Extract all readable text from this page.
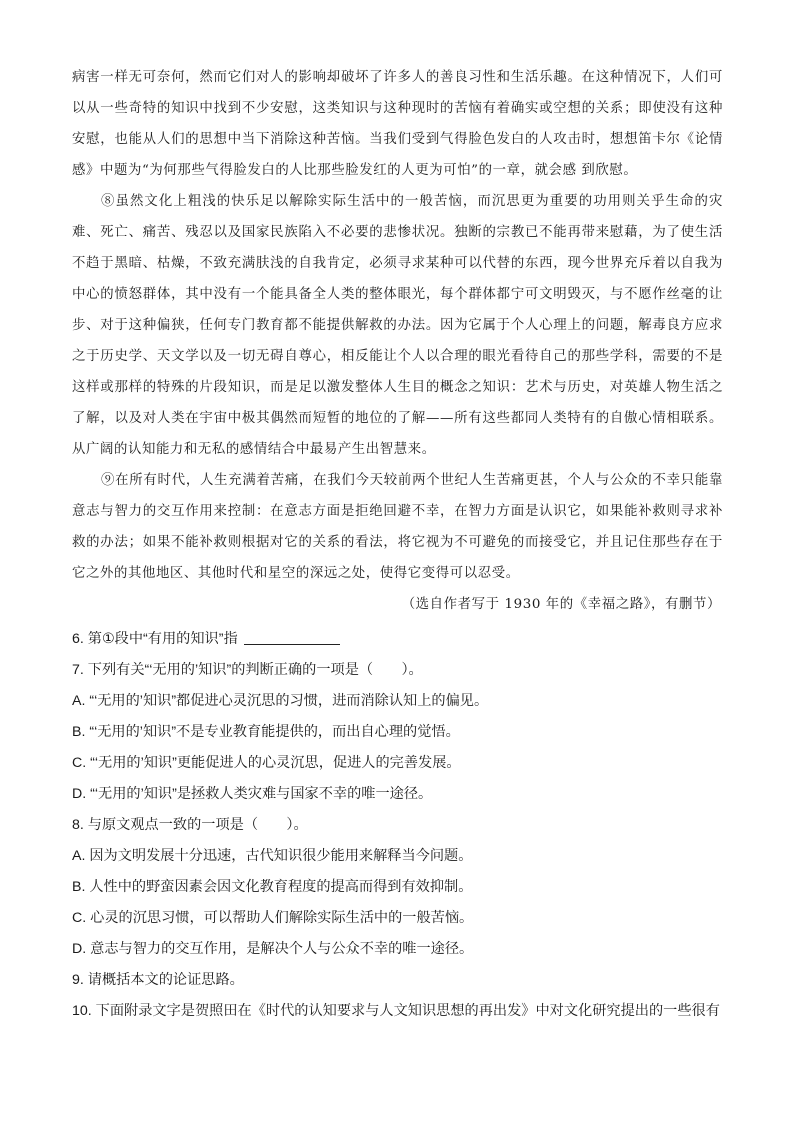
病害一样无可奈何，然而它们对人的影响却破坏了许多人的善良习性和生活乐趣。在这种情况下，人们可以从一些奇特的知识中找到不少安慰，这类知识与这种现时的苦恼有着确实或空想的关系；即使没有这种安慰，也能从人们的思想中当下消除这种苦恼。当我们受到气得脸色发白的人攻击时，想想笛卡尔《论情感》中题为“为何那些气得脸发白的人比那些脸发红的人更为可怕”的一章，就会感 到欣慰。

⑧虽然文化上粗浅的快乐足以解除实际生活中的一般苦恼，而沉思更为重要的功用则关乎生命的灾难、死亡、痛苦、残忍以及国家民族陷入不必要的悲惨状况。独断的宗教已不能再带来慰藉，为了使生活不趋于黑暗、枯燥，不致充满肤浅的自我肯定，必须寻求某种可以代替的东西，现今世界充斥着以自我为中心的愤怒群体，其中没有一个能具备全人类的整体眼光，每个群体都宁可文明毁灭，与不愿作丝毫的让步、对于这种偏狭，任何专门教育都不能提供解救的办法。因为它属于个人心理上的问题，解毒良方应求之于历史学、天文学以及一切无碍自尊心，相反能让个人以合理的眼光看待自己的那些学科，需要的不是这样或那样的特殊的片段知识，而是足以激发整体人生目的概念之知识：艺术与历史，对英雄人物生活之了解，以及对人类在宇宙中极其偶然而短暂的地位的了解——所有这些都同人类特有的自傲心情相联系。从广阔的认知能力和无私的感情结合中最易产生出智慧来。

⑨在所有时代，人生充满着苦痛，在我们今天较前两个世纪人生苦痛更甚，个人与公众的不幸只能靠意志与智力的交互作用来控制：在意志方面是拒绝回避不幸，在智力方面是认识它，如果能补救则寻求补救的办法；如果不能补救则根据对它的关系的看法，将它视为不可避免的而接受它，并且记住那些存在于它之外的其他地区、其他时代和星空的深远之处，使得它变得可以忍受。

（选自作者写于 1930 年的《幸福之路》，有删节）

6. 第①段中“有用的知识”指
7. 下列有关“‘无用的’知识”的判断正确的一项是（　　）。
A. “‘无用的’知识”都促进心灵沉思的习惯，进而消除认知上的偏见。
B. “‘无用的’知识”不是专业教育能提供的，而出自心理的觉悟。
C. “‘无用的’知识”更能促进人的心灵沉思，促进人的完善发展。
D. “‘无用的’知识”是拯救人类灾难与国家不幸的唯一途径。
8. 与原文观点一致的一项是（　　）。
A. 因为文明发展十分迅速，古代知识很少能用来解释当今问题。
B. 人性中的野蛮因素会因文化教育程度的提高而得到有效抑制。
C. 心灵的沉思习惯，可以帮助人们解除实际生活中的一般苦恼。
D. 意志与智力的交互作用，是解决个人与公众不幸的唯一途径。
9. 请概括本文的论证思路。
10. 下面附录文字是贺照田在《时代的认知要求与人文知识思想的再出发》中对文化研究提出的一些很有
